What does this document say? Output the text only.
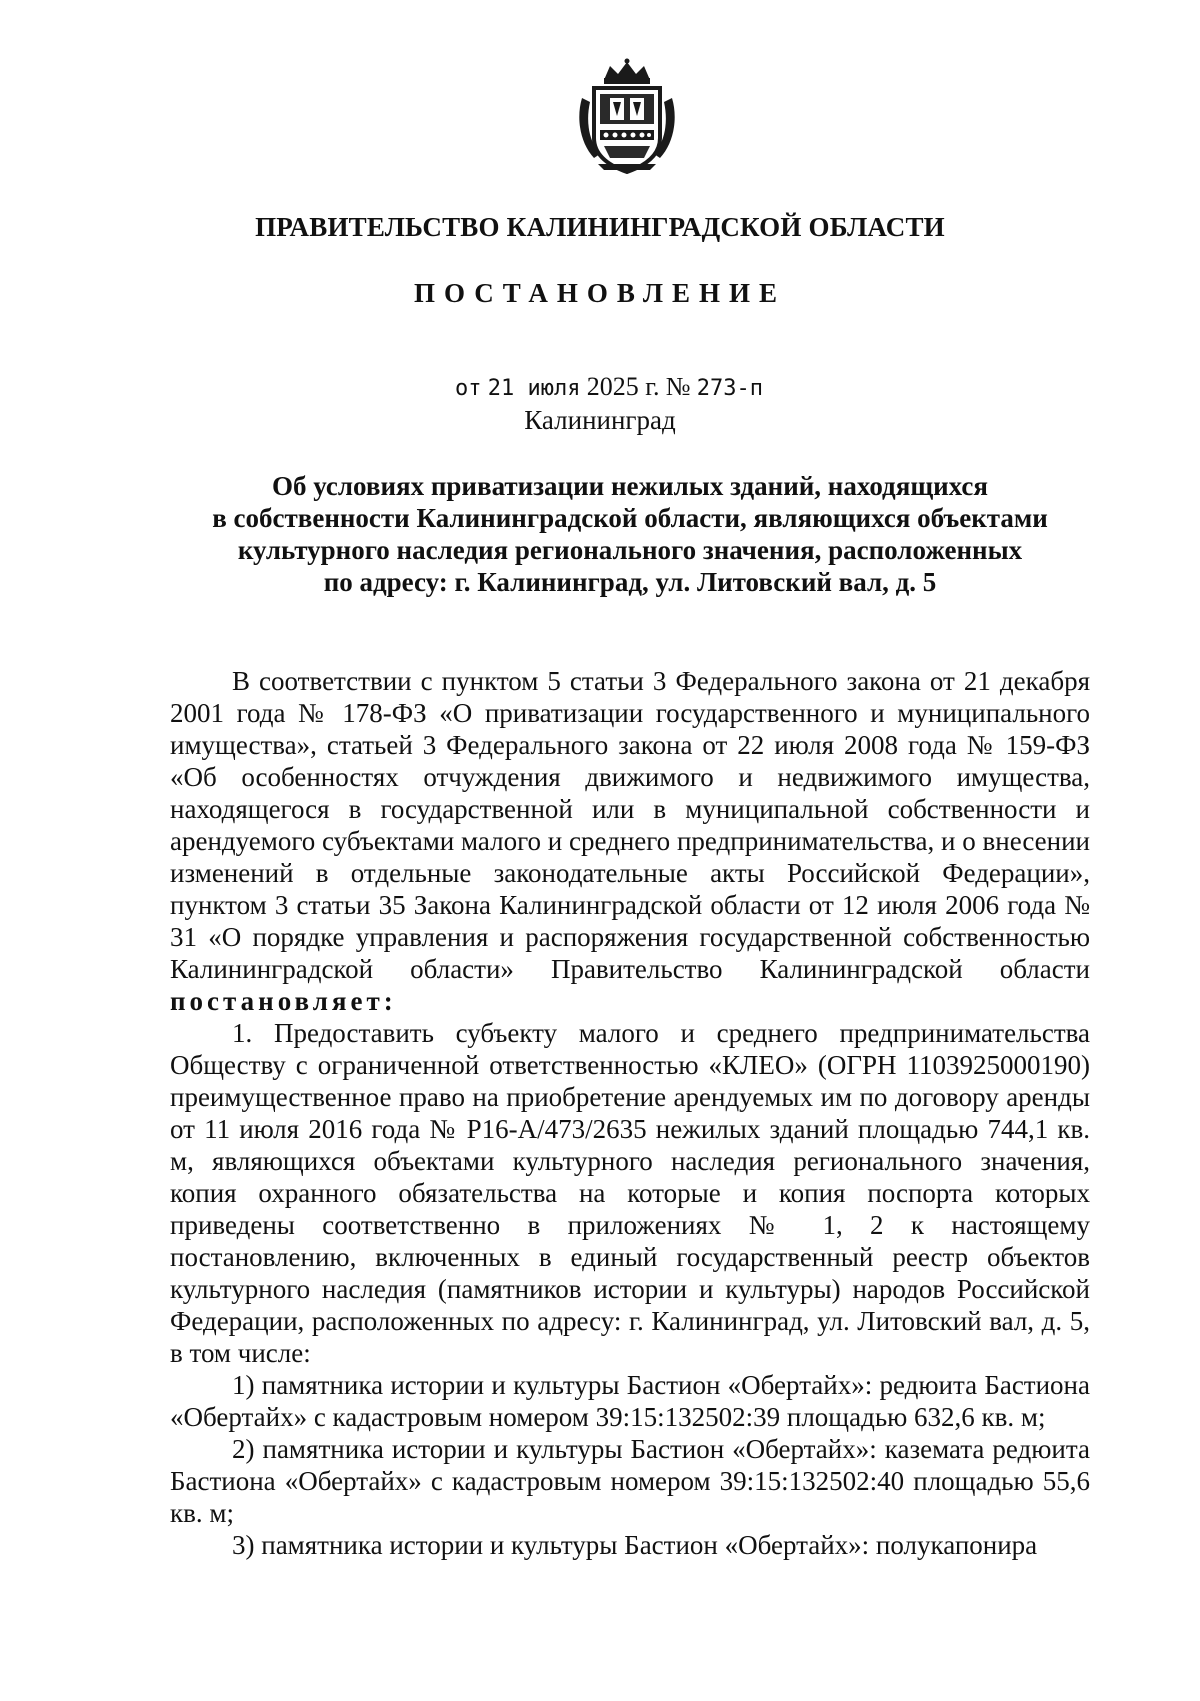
ПРАВИТЕЛЬСТВО КАЛИНИНГРАДСКОЙ ОБЛАСТИ
ПОСТАНОВЛЕНИЕ
от 21 июля 2025 г. № 273-п
Калининград
Об условиях приватизации нежилых зданий, находящихся
в собственности Калининградской области, являющихся объектами
культурного наследия регионального значения, расположенных
по адресу: г. Калининград, ул. Литовский вал, д. 5

В соответствии с пунктом 5 статьи 3 Федерального закона от 21 декабря 2001 года № 178-ФЗ «О приватизации государственного и муниципального имущества», статьей 3 Федерального закона от 22 июля 2008 года № 159-ФЗ «Об особенностях отчуждения движимого и недвижимого имущества, находящегося в государственной или в муниципальной собственности и арендуемого субъектами малого и среднего предпринимательства, и о внесении изменений в отдельные законодательные акты Российской Федерации», пунктом 3 статьи 35 Закона Калининградской области от 12 июля 2006 года № 31 «О порядке управления и распоряжения государственной собственностью Калининградской области» Правительство Калининградской области постановляет:

1. Предоставить субъекту малого и среднего предпринимательства Обществу с ограниченной ответственностью «КЛЕО» (ОГРН 1103925000190) преимущественное право на приобретение арендуемых им по договору аренды от 11 июля 2016 года № Р16-А/473/2635 нежилых зданий площадью 744,1 кв. м, являющихся объектами культурного наследия регионального значения, копия охранного обязательства на которые и копия поспорта которых приведены соответственно в приложениях № 1, 2 к настоящему постановлению, включенных в единый государственный реестр объектов культурного наследия (памятников истории и культуры) народов Российской Федерации, расположенных по адресу: г. Калининград, ул. Литовский вал, д. 5, в том числе:

1) памятника истории и культуры Бастион «Обертайх»: редюита Бастиона «Обертайх» с кадастровым номером 39:15:132502:39 площадью 632,6 кв. м;

2) памятника истории и культуры Бастион «Обертайх»: каземата редюита Бастиона «Обертайх» с кадастровым номером 39:15:132502:40 площадью 55,6 кв. м;

3) памятника истории и культуры Бастион «Обертайх»: полукапонира
